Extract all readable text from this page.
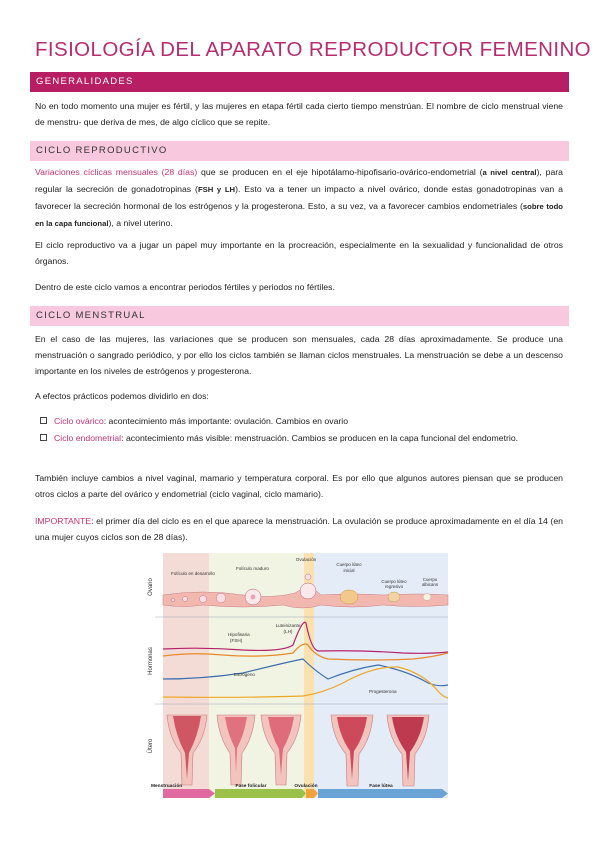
FISIOLOGÍA DEL APARATO REPRODUCTOR FEMENINO
GENERALIDADES
No en todo momento una mujer es fértil, y las mujeres en etapa fértil cada cierto tiempo menstrúan. El nombre de ciclo menstrual viene de menstru- que deriva de mes, de algo cíclico que se repite.
CICLO REPRODUCTIVO
Variaciones cíclicas mensuales (28 días) que se producen en el eje hipotálamo-hipofisario-ovárico-endometrial (a nivel central), para regular la secreción de gonadotropinas (FSH y LH). Esto va a tener un impacto a nivel ovárico, donde estas gonadotropinas van a favorecer la secreción hormonal de los estrógenos y la progesterona. Esto, a su vez, va a favorecer cambios endometriales (sobre todo en la capa funcional), a nivel uterino.
El ciclo reproductivo va a jugar un papel muy importante en la procreación, especialmente en la sexualidad y funcionalidad de otros órganos.
Dentro de este ciclo vamos a encontrar periodos fértiles y periodos no fértiles.
CICLO MENSTRUAL
En el caso de las mujeres, las variaciones que se producen son mensuales, cada 28 días aproximadamente. Se produce una menstruación o sangrado periódico, y por ello los ciclos también se llaman ciclos menstruales. La menstruación se debe a un descenso importante en los niveles de estrógenos y progesterona.
A efectos prácticos podemos dividirlo en dos:
Ciclo ovárico: acontecimiento más importante: ovulación. Cambios en ovario
Ciclo endometrial: acontecimiento más visible: menstruación. Cambios se producen en la capa funcional del endometrio.
También incluye cambios a nivel vaginal, mamario y temperatura corporal. Es por ello que algunos autores piensan que se producen otros ciclos a parte del ovárico y endometrial (ciclo vaginal, ciclo mamario).
IMPORTANTE: el primer día del ciclo es en el que aparece la menstruación. La ovulación se produce aproximadamente en el día 14 (en una mujer cuyos ciclos son de 28 días).
Ovario
Hormonas
Útero
Folículo en desarrollo
Folículo maduro
Ovulación
Cuerpo lúteo
inicial
Cuerpo lúteo
regresivo
Cuerpo
albicans
Luteinizante
(LH)
Hipofisaria
(FSH)
Estrógeno
Progesterona
Menstruación	Fase folicular	Ovulación	Fase lútea
